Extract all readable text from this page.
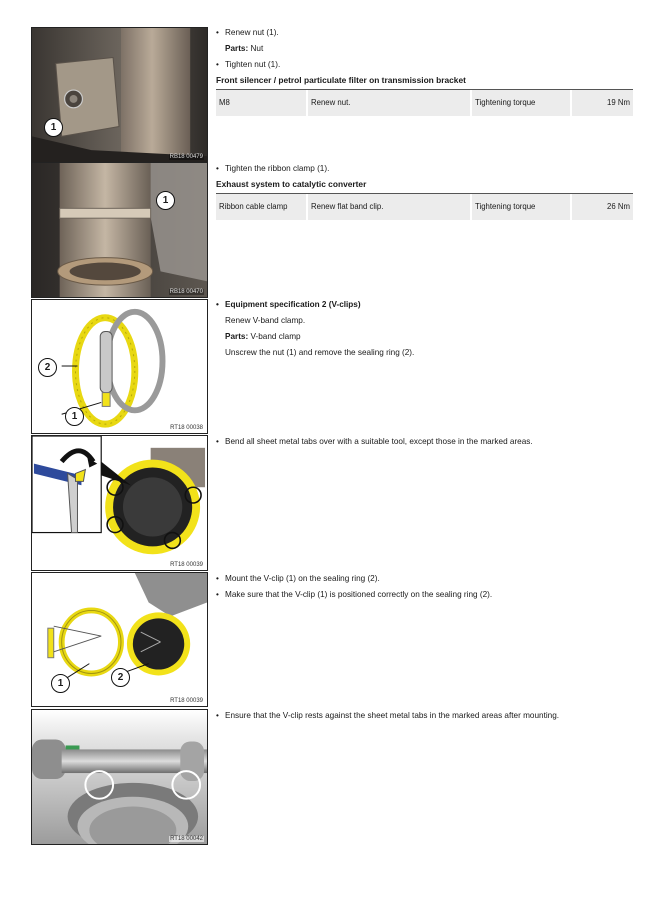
1
RB18 00479
• Renew nut (1).
Parts: Nut
• Tighten nut (1).
Front silencer / petrol particulate filter on transmission bracket
M8		Renew nut.		Tightening torque		19 Nm
1
RB18 00470
• Tighten the ribbon clamp (1).
Exhaust system to catalytic converter
Ribbon cable clamp		Renew flat band clip.		Tightening torque		26 Nm
2
1
RT18 00038
• Equipment specification 2 (V-clips)
Renew V-band clamp.
Parts: V-band clamp
Unscrew the nut (1) and remove the sealing ring (2).
RT18 00039
• Bend all sheet metal tabs over with a suitable tool, except those in the marked areas.
1
2
RT18 00039
• Mount the V-clip (1) on the sealing ring (2).
• Make sure that the V-clip (1) is positioned correctly on the sealing ring (2).
RT18 00042
• Ensure that the V-clip rests against the sheet metal tabs in the marked areas after mounting.
